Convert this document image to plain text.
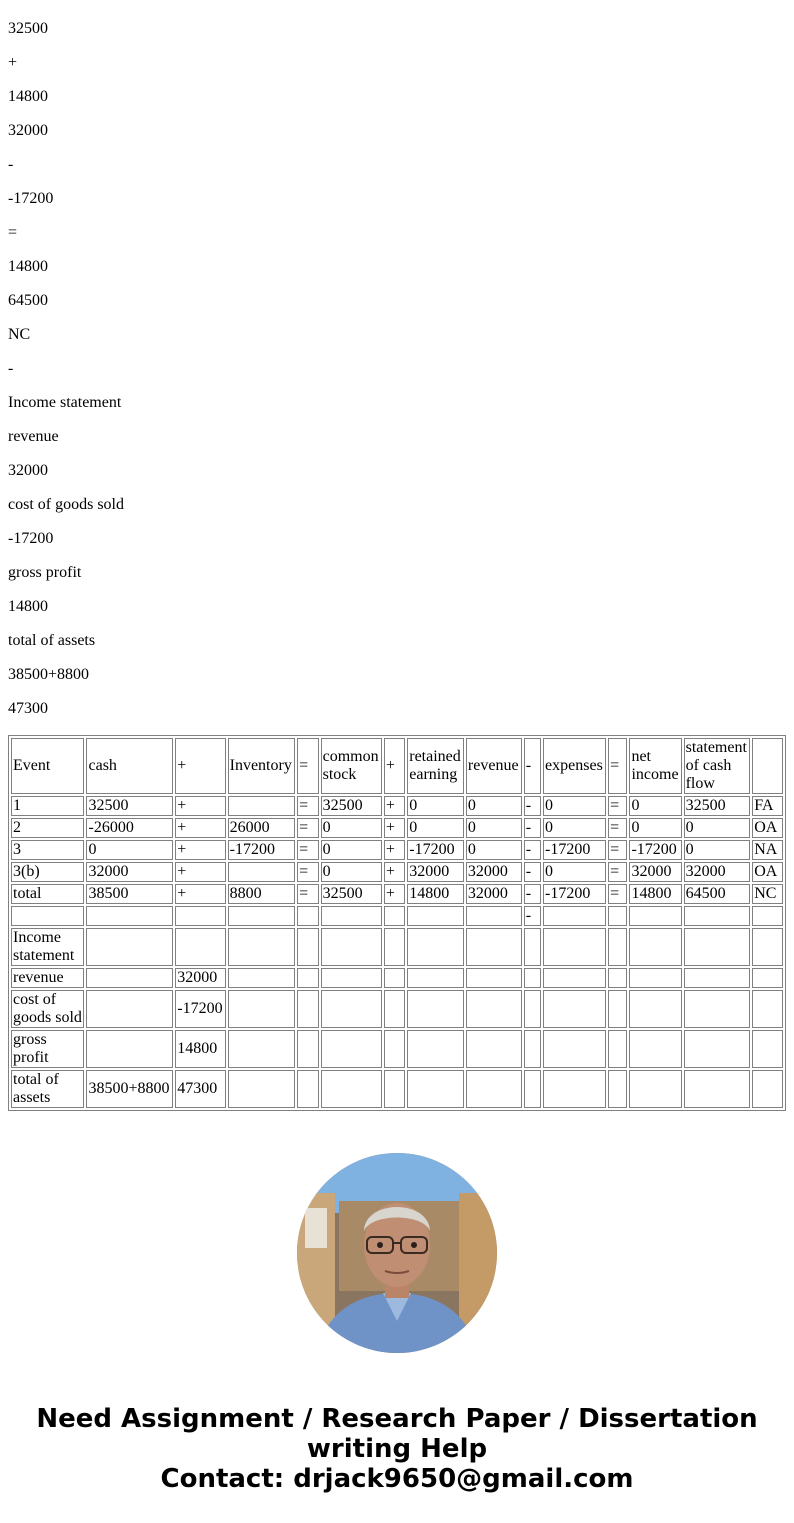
32500
+
14800
32000
-
-17200
=
14800
64500
NC
-
Income statement
revenue
32000
cost of goods sold
-17200
gross profit
14800
total of assets
38500+8800
47300
Event	cash	+	Inventory	=	common stock	+	retained earning	revenue	-	expenses	=	net income	statement of cash flow	
1	32500	+		=	32500	+	0	0	-	0	=	0	32500	FA
2	-26000	+	26000	=	0	+	0	0	-	0	=	0	0	OA
3	0	+	-17200	=	0	+	-17200	0	-	-17200	=	-17200	0	NA
3(b)	32000	+		=	0	+	32000	32000	-	0	=	32000	32000	OA
total	38500	+	8800	=	32500	+	14800	32000	-	-17200	=	14800	64500	NC
									-					
Income statement														
revenue		32000												
cost of goods sold		-17200												
gross profit		14800												
total of assets	38500+8800	47300												
Need Assignment / Research Paper / Dissertation
writing Help
Contact: drjack9650@gmail.com
